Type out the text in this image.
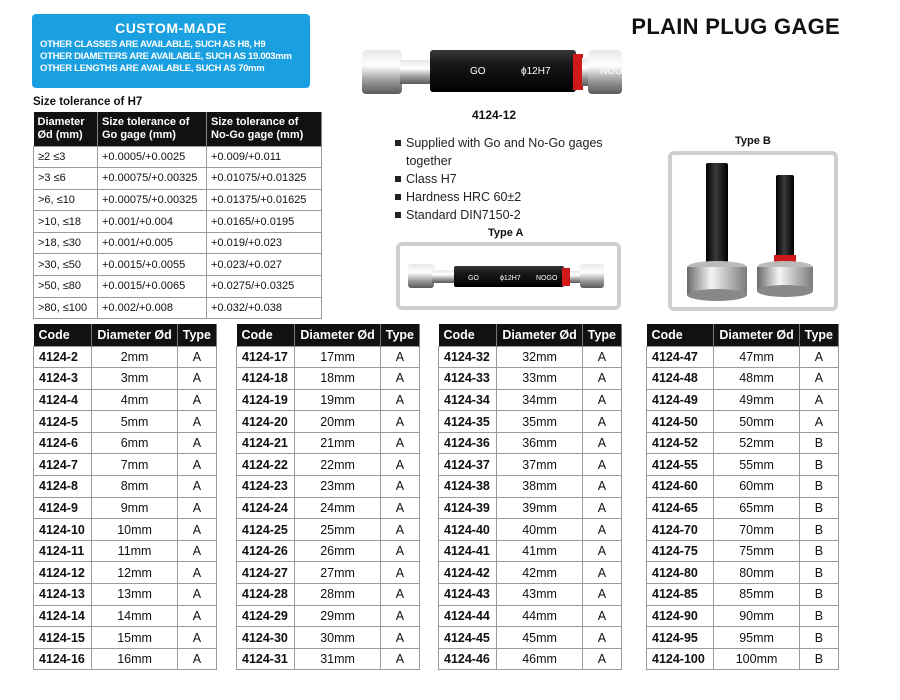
CUSTOM-MADE
OTHER CLASSES ARE AVAILABLE, SUCH AS H8, H9
OTHER DIAMETERS ARE AVAILABLE, SUCH AS 19.003mm
OTHER LENGTHS ARE AVAILABLE, SUCH AS 70mm
PLAIN PLUG GAGE
Size tolerance of H7
Diameter Ød (mm)	Size tolerance of Go gage (mm)	Size tolerance of No-Go gage (mm)
≥2 ≤3	+0.0005/+0.0025	+0.009/+0.011
>3 ≤6	+0.00075/+0.00325	+0.01075/+0.01325
>6, ≤10	+0.00075/+0.00325	+0.01375/+0.01625
>10, ≤18	+0.001/+0.004	+0.0165/+0.0195
>18, ≤30	+0.001/+0.005	+0.019/+0.023
>30, ≤50	+0.0015/+0.0055	+0.023/+0.027
>50, ≤80	+0.0015/+0.0065	+0.0275/+0.0325
>80, ≤100	+0.002/+0.008	+0.032/+0.038
GO	ϕ12H7	NOGO
4124-12
Supplied with Go and No-Go gages together
Class H7
Hardness HRC 60±2
Standard DIN7150-2
Type A
GO	ϕ12H7 NOGO
Type B
Code	Diameter Ød	Type
4124-2	2mm	A
4124-3	3mm	A
4124-4	4mm	A
4124-5	5mm	A
4124-6	6mm	A
4124-7	7mm	A
4124-8	8mm	A
4124-9	9mm	A
4124-10	10mm	A
4124-11	11mm	A
4124-12	12mm	A
4124-13	13mm	A
4124-14	14mm	A
4124-15	15mm	A
4124-16	16mm	A
Code	Diameter Ød	Type
4124-17	17mm	A
4124-18	18mm	A
4124-19	19mm	A
4124-20	20mm	A
4124-21	21mm	A
4124-22	22mm	A
4124-23	23mm	A
4124-24	24mm	A
4124-25	25mm	A
4124-26	26mm	A
4124-27	27mm	A
4124-28	28mm	A
4124-29	29mm	A
4124-30	30mm	A
4124-31	31mm	A
Code	Diameter Ød	Type
4124-32	32mm	A
4124-33	33mm	A
4124-34	34mm	A
4124-35	35mm	A
4124-36	36mm	A
4124-37	37mm	A
4124-38	38mm	A
4124-39	39mm	A
4124-40	40mm	A
4124-41	41mm	A
4124-42	42mm	A
4124-43	43mm	A
4124-44	44mm	A
4124-45	45mm	A
4124-46	46mm	A
Code	Diameter Ød	Type
4124-47	47mm	A
4124-48	48mm	A
4124-49	49mm	A
4124-50	50mm	A
4124-52	52mm	B
4124-55	55mm	B
4124-60	60mm	B
4124-65	65mm	B
4124-70	70mm	B
4124-75	75mm	B
4124-80	80mm	B
4124-85	85mm	B
4124-90	90mm	B
4124-95	95mm	B
4124-100	100mm	B
